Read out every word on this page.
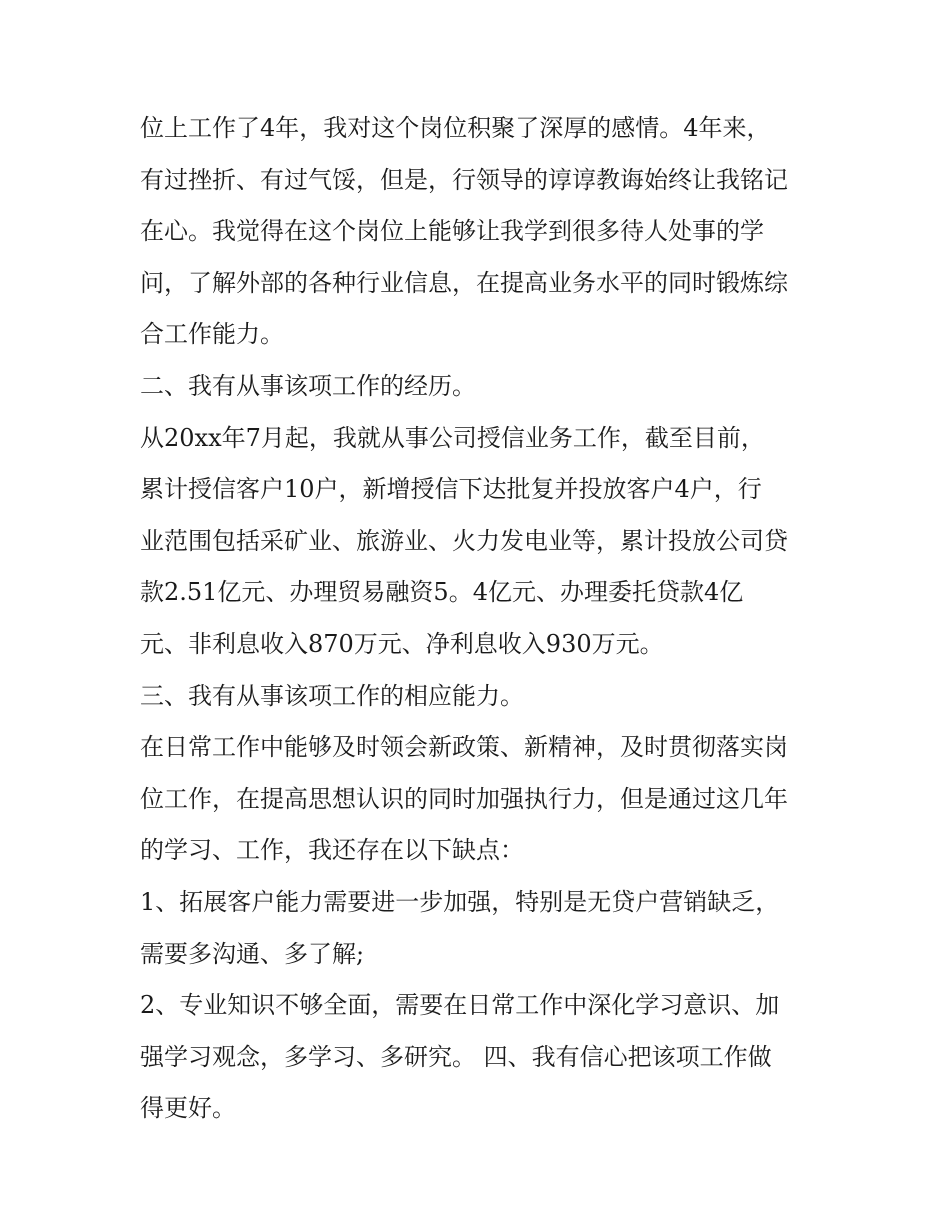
位上工作了4年，我对这个岗位积聚了深厚的感情。4年来，
有过挫折、有过气馁，但是，行领导的谆谆教诲始终让我铭记
在心。我觉得在这个岗位上能够让我学到很多待人处事的学
问，了解外部的各种行业信息，在提高业务水平的同时锻炼综
合工作能力。
二、我有从事该项工作的经历。
从20xx年7月起，我就从事公司授信业务工作，截至目前，
累计授信客户10户，新增授信下达批复并投放客户4户，行
业范围包括采矿业、旅游业、火力发电业等，累计投放公司贷
款2.51亿元、办理贸易融资5。4亿元、办理委托贷款4亿
元、非利息收入870万元、净利息收入930万元。
三、我有从事该项工作的相应能力。
在日常工作中能够及时领会新政策、新精神，及时贯彻落实岗
位工作，在提高思想认识的同时加强执行力，但是通过这几年
的学习、工作，我还存在以下缺点：
1、拓展客户能力需要进一步加强，特别是无贷户营销缺乏，
需要多沟通、多了解;
2、专业知识不够全面，需要在日常工作中深化学习意识、加
强学习观念，多学习、多研究。 四、我有信心把该项工作做
得更好。
